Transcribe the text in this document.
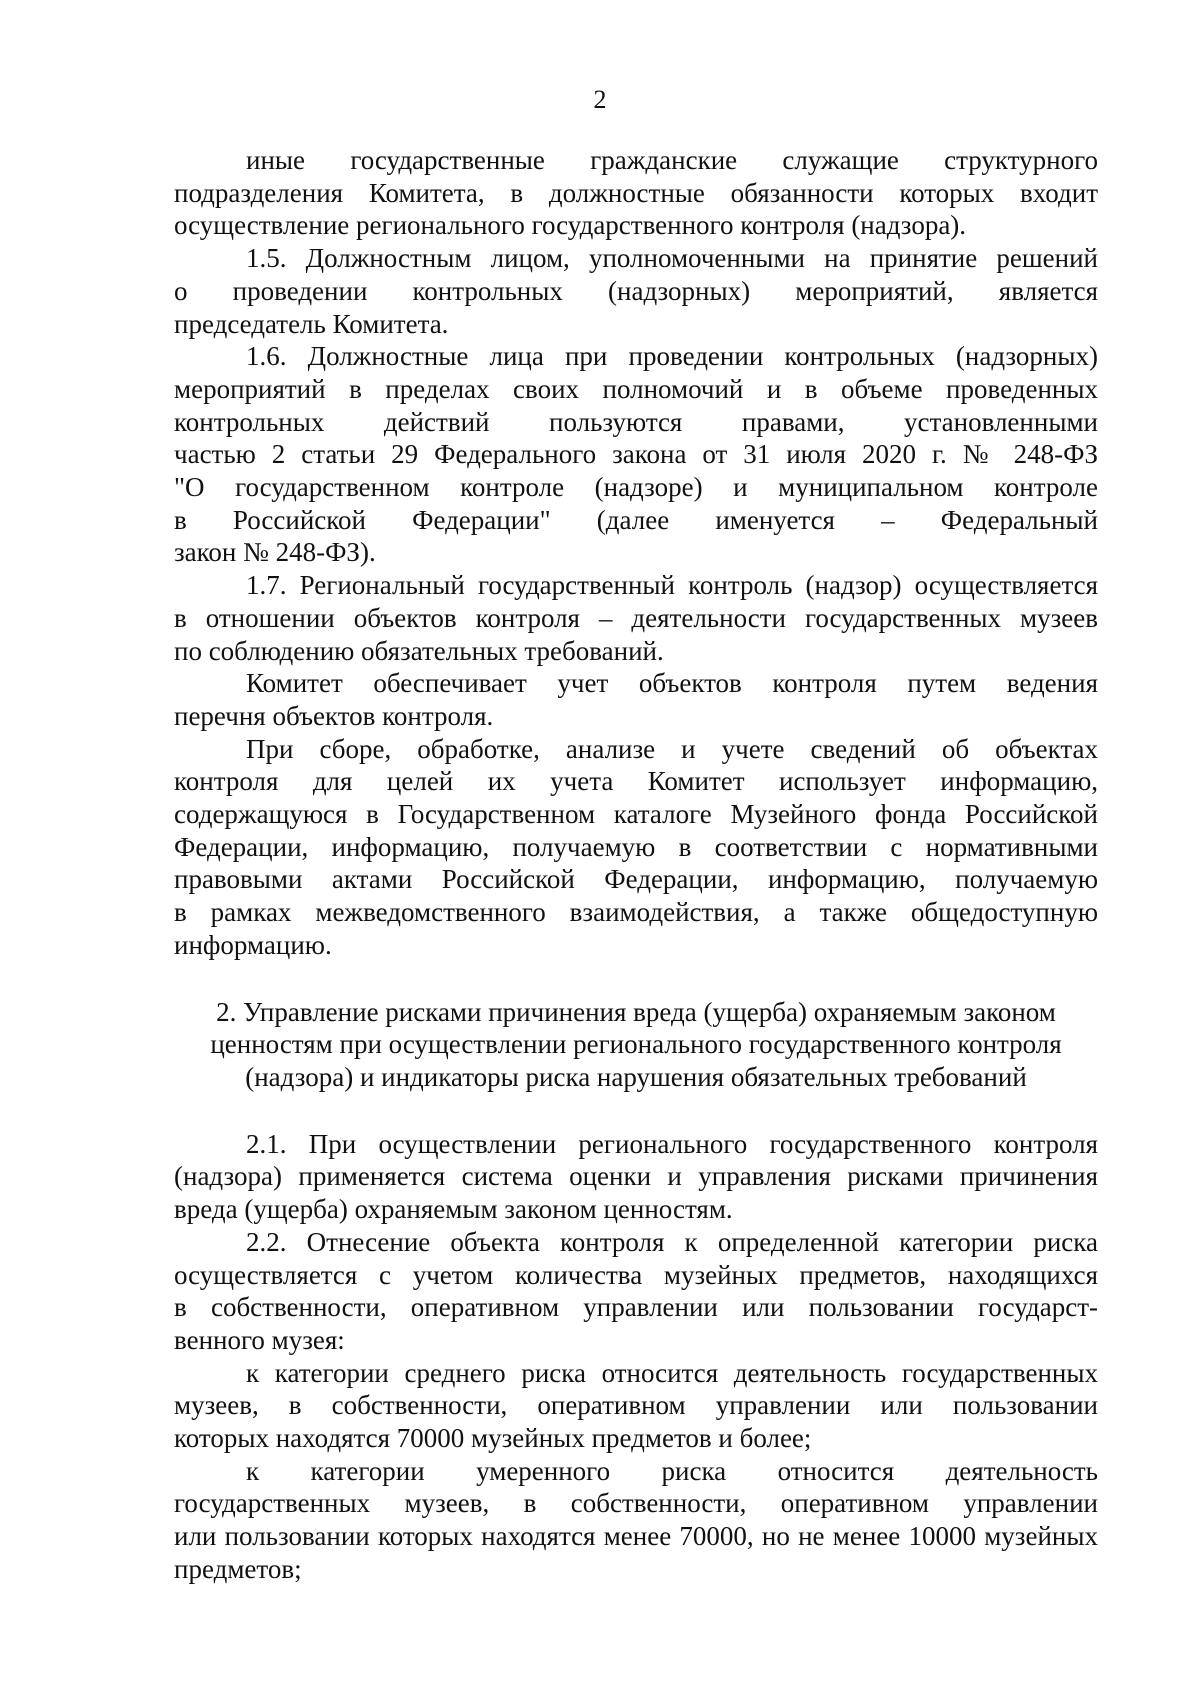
2
иные государственные гражданские служащие структурного
подразделения Комитета, в должностные обязанности которых входит
осуществление регионального государственного контроля (надзора).
1.5. Должностным лицом, уполномоченными на принятие решений
о проведении контрольных (надзорных) мероприятий, является
председатель Комитета.
1.6. Должностные лица при проведении контрольных (надзорных)
мероприятий в пределах своих полномочий и в объеме проведенных
контрольных действий пользуются правами, установленными
частью 2 статьи 29 Федерального закона от 31 июля 2020 г. № 248-ФЗ
"О государственном контроле (надзоре) и муниципальном контроле
в Российской Федерации" (далее именуется – Федеральный
закон № 248-ФЗ).
1.7. Региональный государственный контроль (надзор) осуществляется
в отношении объектов контроля – деятельности государственных музеев
по соблюдению обязательных требований.
Комитет обеспечивает учет объектов контроля путем ведения
перечня объектов контроля.
При сборе, обработке, анализе и учете сведений об объектах
контроля для целей их учета Комитет использует информацию,
содержащуюся в Государственном каталоге Музейного фонда Российской
Федерации, информацию, получаемую в соответствии с нормативными
правовыми актами Российской Федерации, информацию, получаемую
в рамках межведомственного взаимодействия, а также общедоступную
информацию.
2. Управление рисками причинения вреда (ущерба) охраняемым законом
ценностям при осуществлении регионального государственного контроля
(надзора) и индикаторы риска нарушения обязательных требований
2.1. При осуществлении регионального государственного контроля
(надзора) применяется система оценки и управления рисками причинения
вреда (ущерба) охраняемым законом ценностям.
2.2. Отнесение объекта контроля к определенной категории риска
осуществляется с учетом количества музейных предметов, находящихся
в собственности, оперативном управлении или пользовании государст-
венного музея:
к категории среднего риска относится деятельность государственных
музеев, в собственности, оперативном управлении или пользовании
которых находятся 70000 музейных предметов и более;
к категории умеренного риска относится деятельность
государственных музеев, в собственности, оперативном управлении
или пользовании которых находятся менее 70000, но не менее 10000 музейных
предметов;
